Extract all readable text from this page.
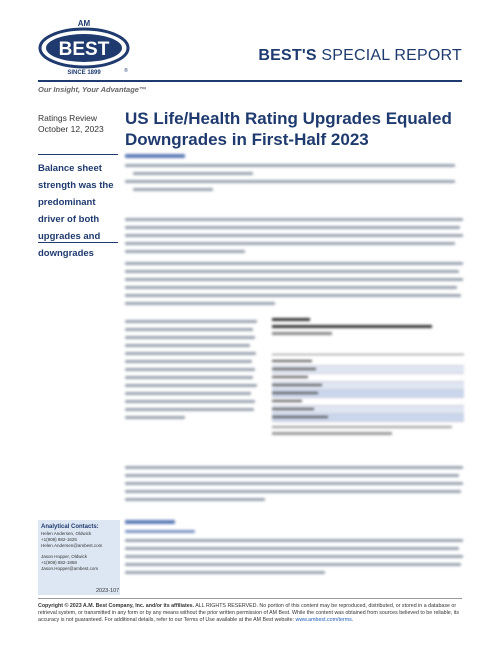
AM
BEST
SINCE 1899	®
BEST'S SPECIAL REPORT
Our Insight, Your Advantage™
Ratings Review
October 12, 2023
Balance sheet strength was the predominant driver of both upgrades and downgrades
US Life/Health Rating Upgrades Equaled Downgrades in First-Half 2023
Analytical Contacts:
Helen Andersen, Oldwick
+1(908) 882-1625
Helen.Andersen@ambest.com
Jason Hopper, Oldwick
+1(908) 882-1858
Jason.Hopper@ambest.com
2023-107
Copyright © 2023 A.M. Best Company, Inc. and/or its affiliates. ALL RIGHTS RESERVED. No portion of this content may be reproduced, distributed, or stored in a database or retrieval system, or transmitted in any form or by any means without the prior written permission of AM Best. While the content was obtained from sources believed to be reliable, its accuracy is not guaranteed. For additional details, refer to our Terms of Use available at the AM Best website: www.ambest.com/terms.
